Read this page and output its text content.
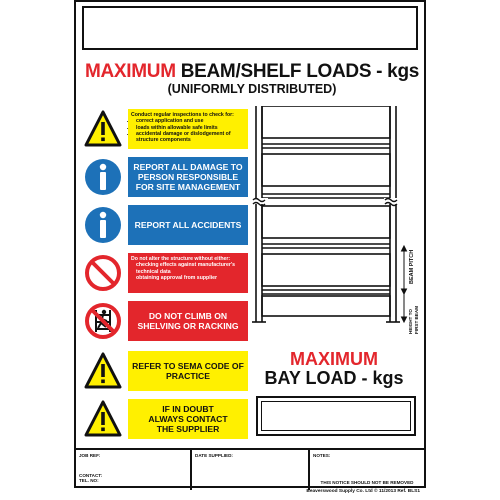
MAXIMUM BEAM/SHELF LOADS - kgs
(UNIFORMLY DISTRIBUTED)
Conduct regular inspections to check for:
• correct application and use
• loads within allowable safe limits
• accidental damage or dislodgement of structure components
REPORT ALL DAMAGE TO PERSON RESPONSIBLE FOR SITE MANAGEMENT
REPORT ALL ACCIDENTS
Do not alter the structure without either:
• checking effects against manufacturer's technical data
• obtaining approval from supplier
DO NOT CLIMB ON SHELVING OR RACKING
REFER TO SEMA CODE OF PRACTICE
IF IN DOUBT
ALWAYS CONTACT
THE SUPPLIER
BEAM PITCH
HEIGHT TO FIRST BEAM
MAXIMUM
BAY LOAD - kgs
JOB REF:
CONTACT:
TEL. NO:
DATE SUPPLIED:	NOTES:
THIS NOTICE SHOULD NOT BE REMOVED
Beaverswood Supply Co. Ltd © 11/2013 Ref. BLS1
